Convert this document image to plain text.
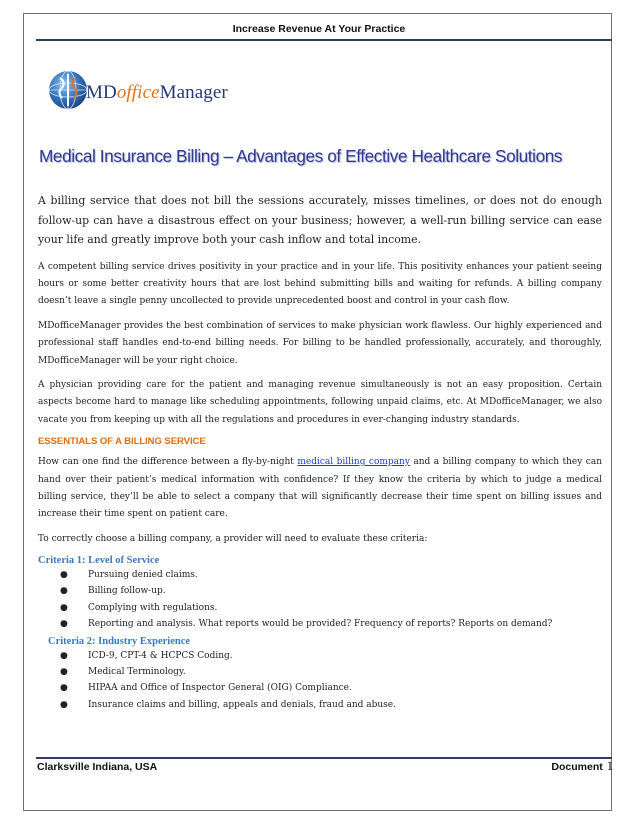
Increase Revenue At Your Practice
MDofficeManager
Medical Insurance Billing – Advantages of Effective Healthcare Solutions

A billing service that does not bill the sessions accurately, misses timelines, or does not do enough follow-up can have a disastrous effect on your business; however, a well-run billing service can ease your life and greatly improve both your cash inflow and total income.

A competent billing service drives positivity in your practice and in your life. This positivity enhances your patient seeing hours or some better creativity hours that are lost behind submitting bills and waiting for refunds. A billing company doesn’t leave a single penny uncollected to provide unprecedented boost and control in your cash flow.

MDofficeManager provides the best combination of services to make physician work flawless. Our highly experienced and professional staff handles end-to-end billing needs. For billing to be handled professionally, accurately, and thoroughly, MDofficeManager will be your right choice.

A physician providing care for the patient and managing revenue simultaneously is not an easy proposition. Certain aspects become hard to manage like scheduling appointments, following unpaid claims, etc. At MDofficeManager, we also vacate you from keeping up with all the regulations and procedures in ever-changing industry standards.

ESSENTIALS OF A BILLING SERVICE

How can one find the difference between a fly-by-night medical billing company and a billing company to which they can hand over their patient’s medical information with confidence? If they know the criteria by which to judge a medical billing service, they’ll be able to select a company that will significantly decrease their time spent on billing issues and increase their time spent on patient care.

To correctly choose a billing company, a provider will need to evaluate these criteria:

Criteria 1: Level of Service
● Pursuing denied claims.
● Billing follow-up.
● Complying with regulations.
● Reporting and analysis. What reports would be provided? Frequency of reports? Reports on demand?
Criteria 2: Industry Experience
● ICD-9, CPT-4 & HCPCS Coding.
● Medical Terminology.
● HIPAA and Office of Inspector General (OIG) Compliance.
● Insurance claims and billing, appeals and denials, fraud and abuse.
Clarksville Indiana, USA	Document 1
